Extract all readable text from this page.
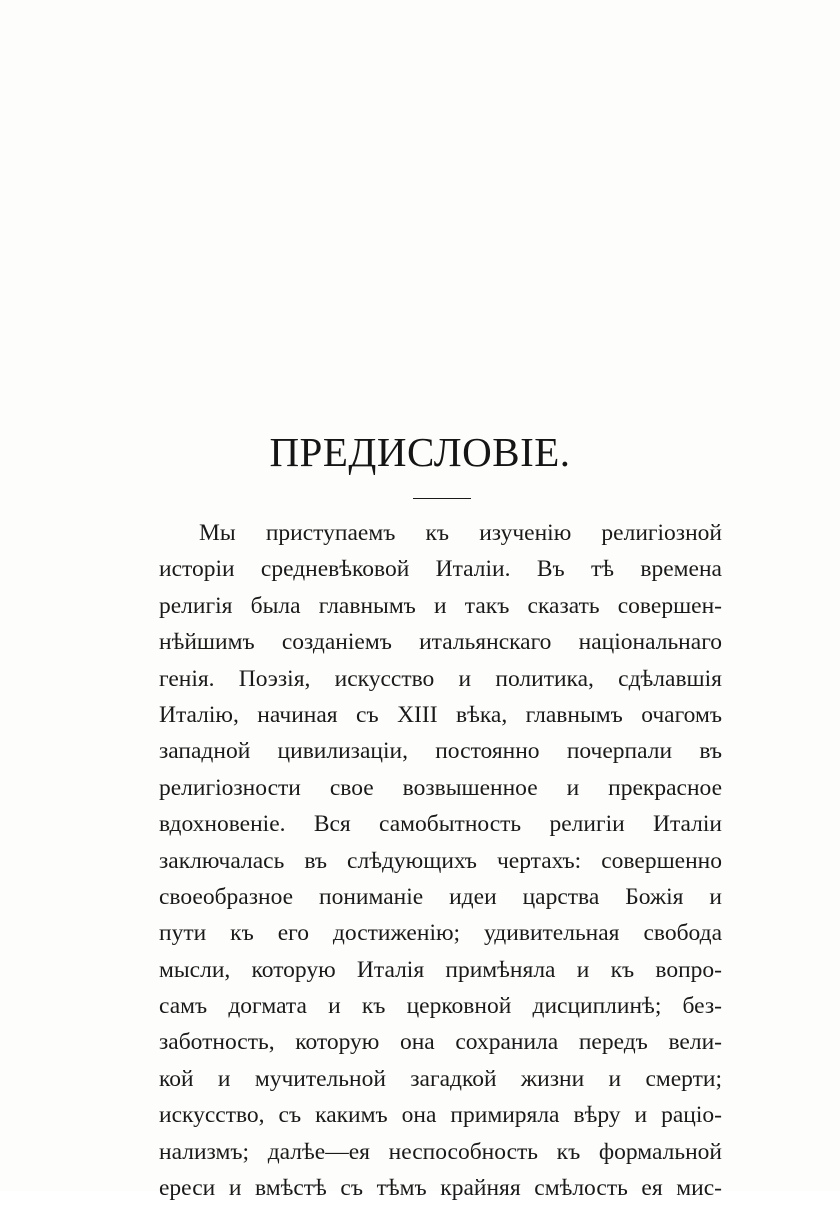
ПРЕДИСЛОВІЕ.
Мы приступаемъ къ изученію религіозной
исторіи средневѣковой Италіи. Въ тѣ времена
религія была главнымъ и такъ сказать совершен-
нѣйшимъ созданіемъ итальянскаго національнаго
генія. Поэзія, искусство и политика, сдѣлавшія
Италію, начиная съ XIII вѣка, главнымъ очагомъ
западной цивилизаціи, постоянно почерпали въ
религіозности свое возвышенное и прекрасное
вдохновеніе. Вся самобытность религіи Италіи
заключалась въ слѣдующихъ чертахъ: совершенно
своеобразное пониманіе идеи царства Божія и
пути къ его достиженію; удивительная свобода
мысли, которую Италія примѣняла и къ вопро-
самъ догмата и къ церковной дисциплинѣ; без-
заботность, которую она сохранила передъ вели-
кой и мучительной загадкой жизни и смерти;
искусство, съ какимъ она примиряла вѣру и раціо-
нализмъ; далѣе—ея неспособность къ формальной
ереси и вмѣстѣ съ тѣмъ крайняя смѣлость ея мис-
